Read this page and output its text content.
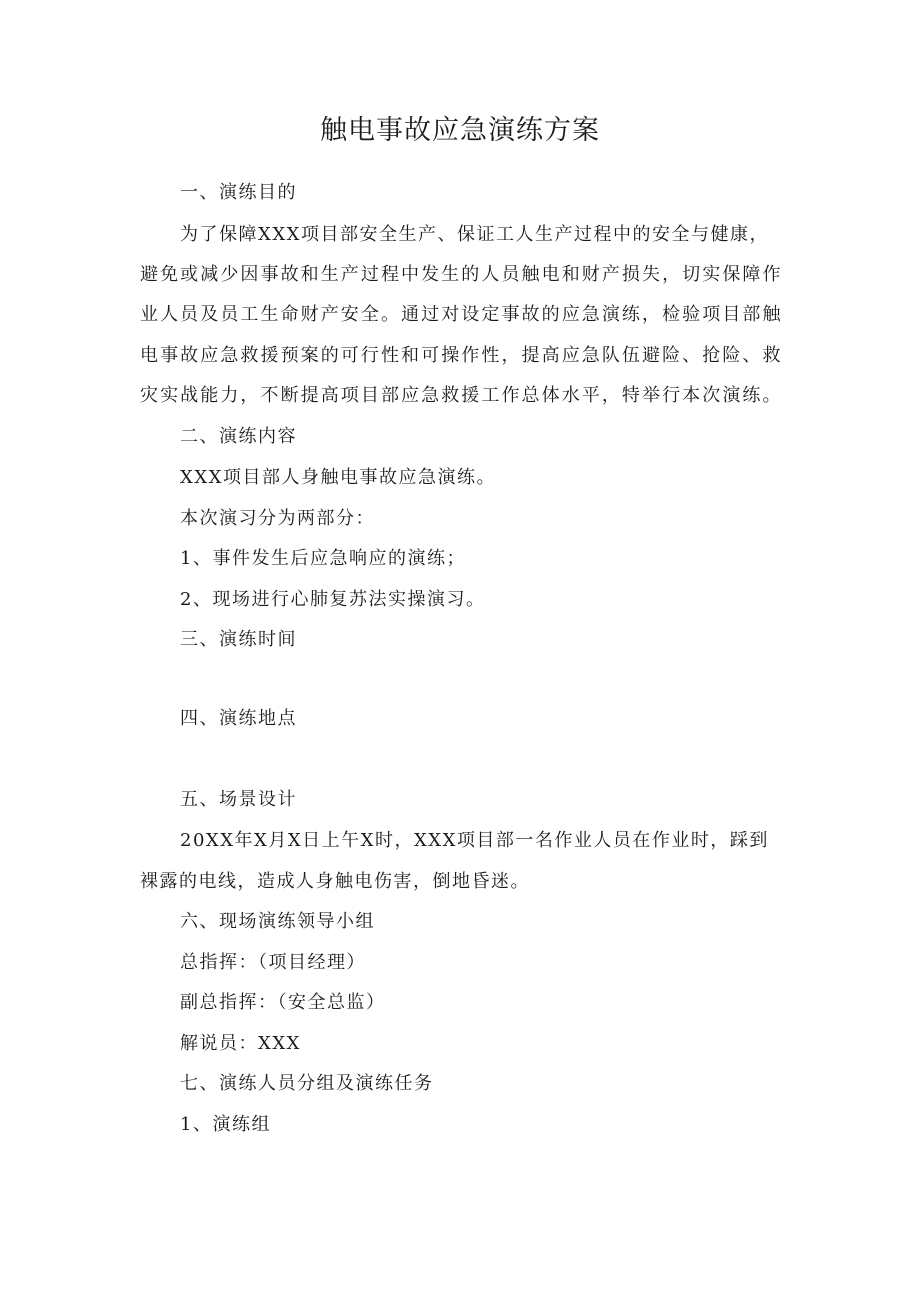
触电事故应急演练方案
一、演练目的
为了保障XXX项目部安全生产、保证工人生产过程中的安全与健康，
避免或减少因事故和生产过程中发生的人员触电和财产损失，切实保障作
业人员及员工生命财产安全。通过对设定事故的应急演练，检验项目部触
电事故应急救援预案的可行性和可操作性，提高应急队伍避险、抢险、救
灾实战能力，不断提高项目部应急救援工作总体水平，特举行本次演练。
二、演练内容
XXX项目部人身触电事故应急演练。
本次演习分为两部分：
1、事件发生后应急响应的演练；
2、现场进行心肺复苏法实操演习。
三、演练时间
四、演练地点
五、场景设计
20XX年X月X日上午X时，XXX项目部一名作业人员在作业时，踩到
裸露的电线，造成人身触电伤害，倒地昏迷。
六、现场演练领导小组
总指挥：（项目经理）
副总指挥：（安全总监）
解说员：XXX
七、演练人员分组及演练任务
1、演练组
